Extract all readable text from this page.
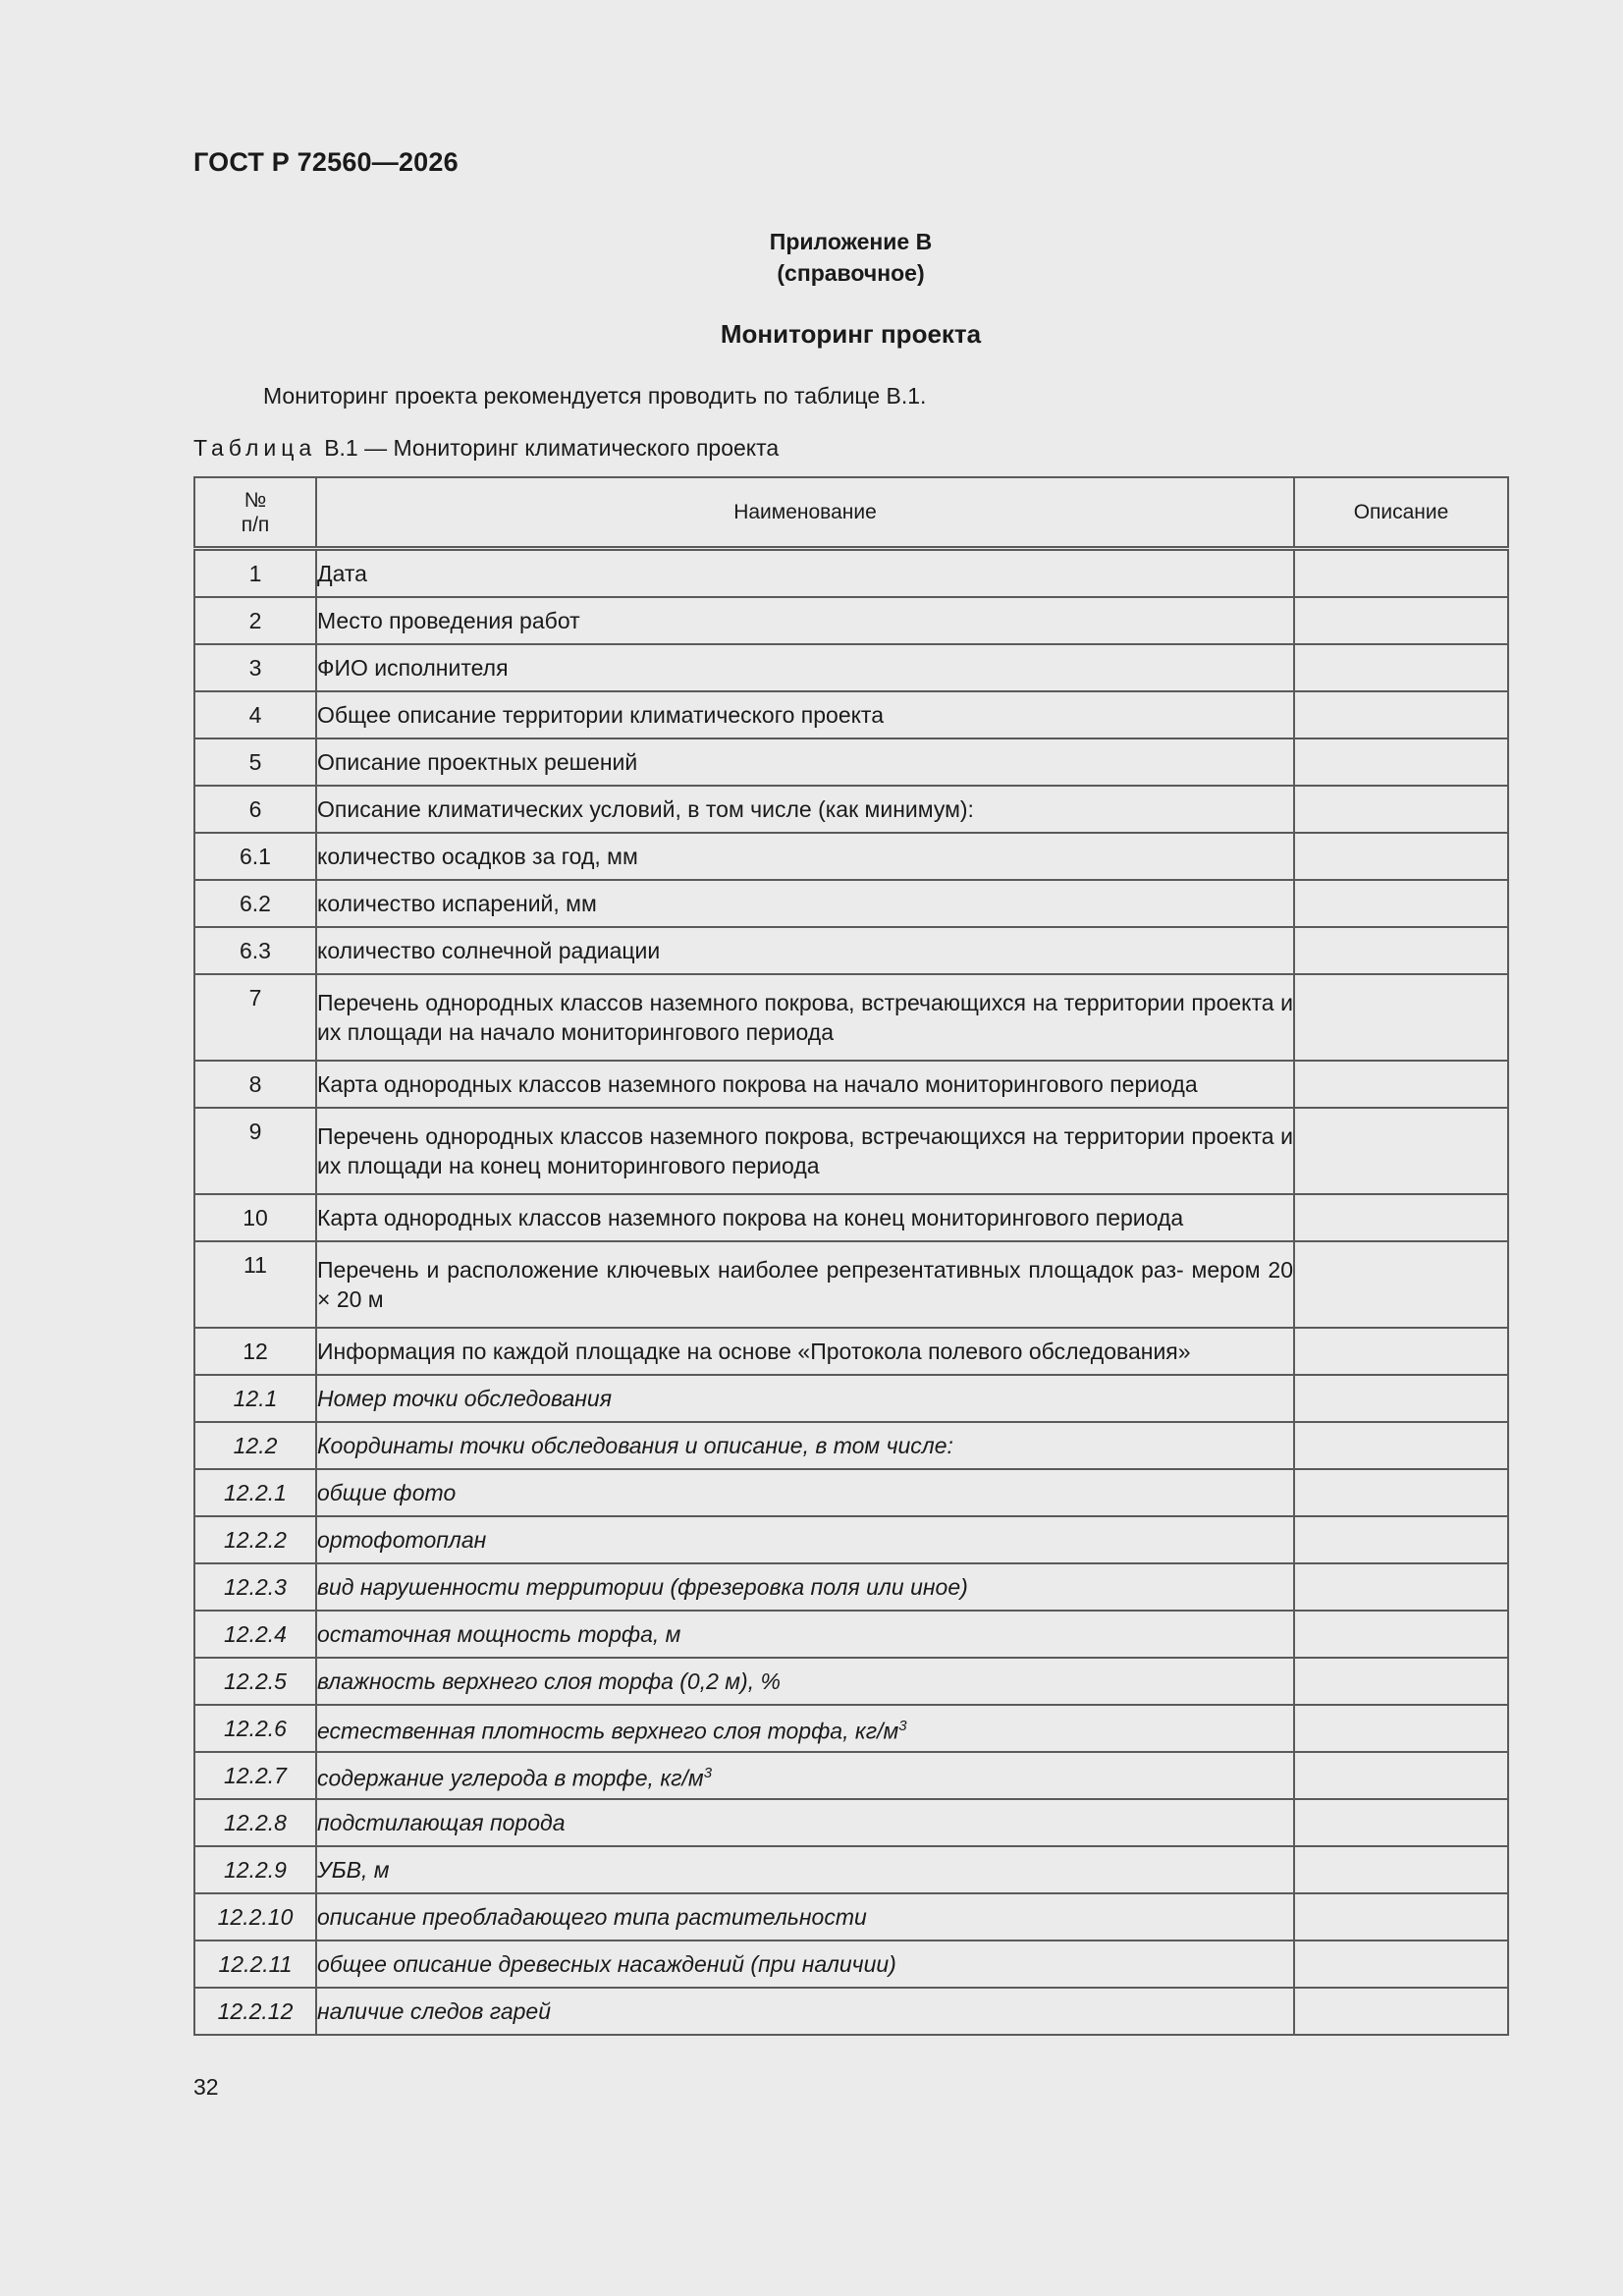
ГОСТ Р 72560—2026
Приложение В
(справочное)
Мониторинг проекта
Мониторинг проекта рекомендуется проводить по таблице В.1.
Таблица В.1 — Мониторинг климатического проекта
№
п/п	Наименование	Описание
1	Дата	
2	Место проведения работ	
3	ФИО исполнителя	
4	Общее описание территории климатического проекта	
5	Описание проектных решений	
6	Описание климатических условий, в том числе (как минимум):	
6.1	количество осадков за год, мм	
6.2	количество испарений, мм	
6.3	количество солнечной радиации	
7	Перечень однородных классов наземного покрова, встречающихся на территории проекта и их площади на начало мониторингового периода	
8	Карта однородных классов наземного покрова на начало мониторингового периода	
9	Перечень однородных классов наземного покрова, встречающихся на территории проекта и их площади на конец мониторингового периода	
10	Карта однородных классов наземного покрова на конец мониторингового периода	
11	Перечень и расположение ключевых наиболее репрезентативных площадок раз- мером 20 × 20 м	
12	Информация по каждой площадке на основе «Протокола полевого обследования»	
12.1	Номер точки обследования	
12.2	Координаты точки обследования и описание, в том числе:	
12.2.1	общие фото	
12.2.2	ортофотоплан	
12.2.3	вид нарушенности территории (фрезеровка поля или иное)	
12.2.4	остаточная мощность торфа, м	
12.2.5	влажность верхнего слоя торфа (0,2 м), %	
12.2.6	естественная плотность верхнего слоя торфа, $кг/м^3$	
12.2.7	содержание углерода в торфе, $кг/м^3$	
12.2.8	подстилающая порода	
12.2.9	УБВ, м	
12.2.10	описание преобладающего типа растительности	
12.2.11	общее описание древесных насаждений (при наличии)	
12.2.12	наличие следов гарей	
32
